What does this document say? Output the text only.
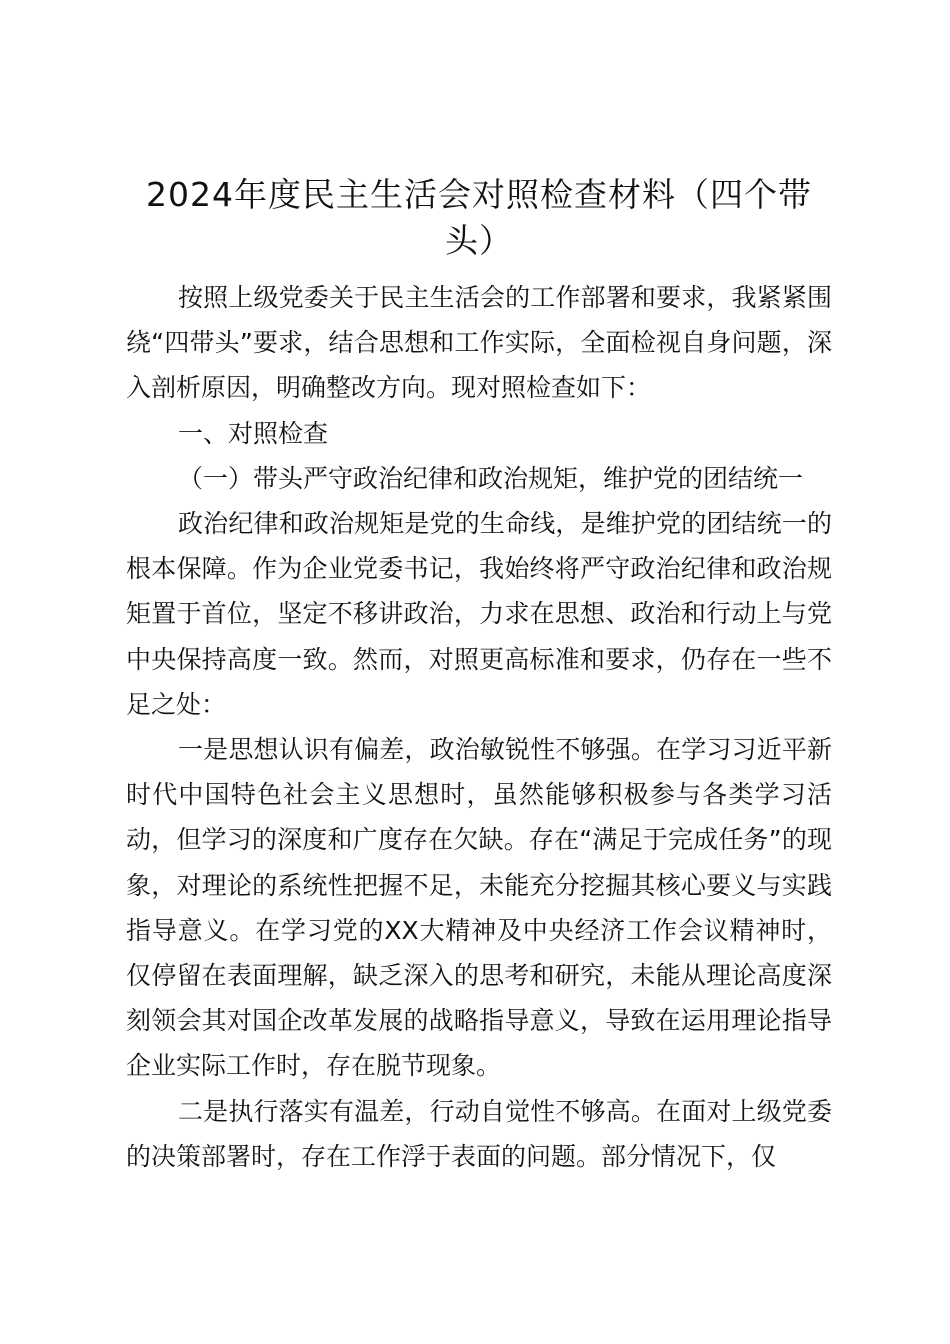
2024年度民主生活会对照检查材料（四个带头）

按照上级党委关于民主生活会的工作部署和要求，我紧紧围绕“四带头”要求，结合思想和工作实际，全面检视自身问题，深入剖析原因，明确整改方向。现对照检查如下：

一、对照检查

（一）带头严守政治纪律和政治规矩，维护党的团结统一

政治纪律和政治规矩是党的生命线，是维护党的团结统一的根本保障。作为企业党委书记，我始终将严守政治纪律和政治规矩置于首位，坚定不移讲政治，力求在思想、政治和行动上与党中央保持高度一致。然而，对照更高标准和要求，仍存在一些不足之处：

一是思想认识有偏差，政治敏锐性不够强。在学习习近平新时代中国特色社会主义思想时，虽然能够积极参与各类学习活动，但学习的深度和广度存在欠缺。存在“满足于完成任务”的现象，对理论的系统性把握不足，未能充分挖掘其核心要义与实践指导意义。在学习党的XX大精神及中央经济工作会议精神时，仅停留在表面理解，缺乏深入的思考和研究，未能从理论高度深刻领会其对国企改革发展的战略指导意义，导致在运用理论指导企业实际工作时，存在脱节现象。

二是执行落实有温差，行动自觉性不够高。在面对上级党委的决策部署时，存在工作浮于表面的问题。部分情况下，仅
